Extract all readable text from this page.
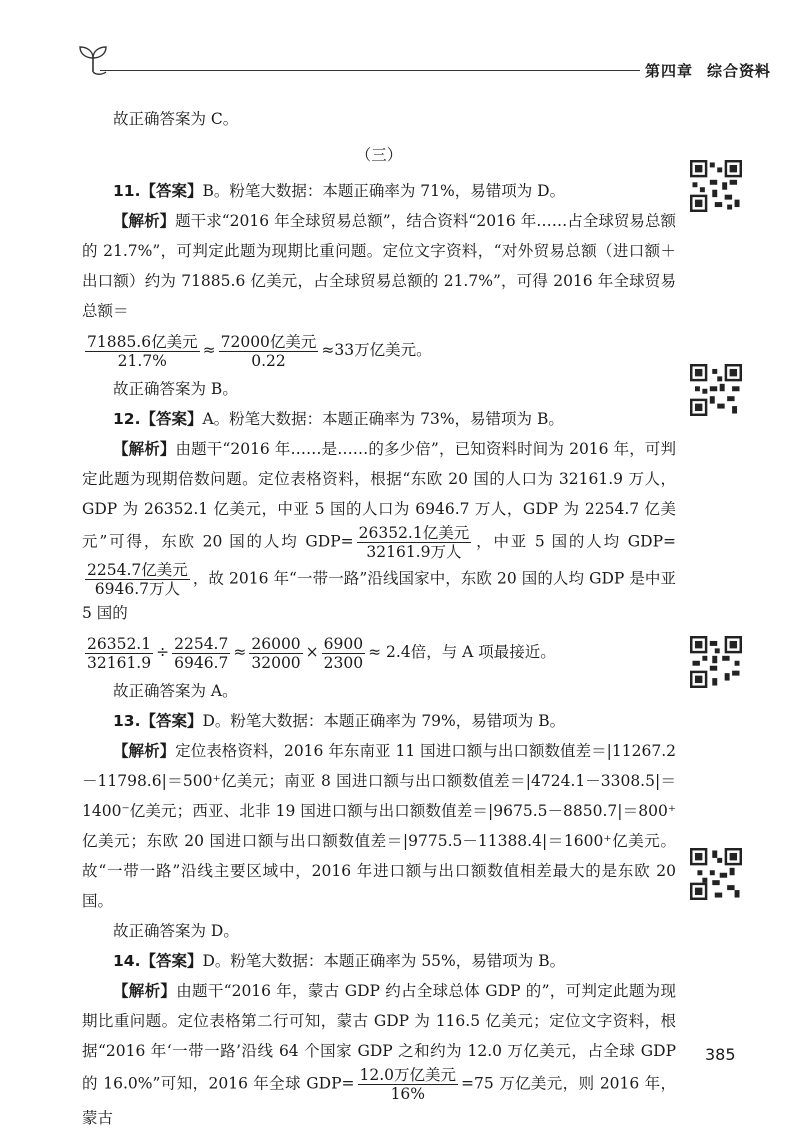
第四章 综合资料

故正确答案为 C。

（三）

11.【答案】B。粉笔大数据：本题正确率为 71%，易错项为 D。

【解析】题干求“2016 年全球贸易总额”，结合资料“2016 年……占全球贸易总额的 21.7%”，可判定此题为现期比重问题。定位文字资料，“对外贸易总额（进口额＋出口额）约为 71885.6 亿美元，占全球贸易总额的 21.7%”，可得 2016 年全球贸易总额＝

$\frac{\text{71885.6亿美元}}{21.7\%} \approx \frac{\text{72000亿美元}}{0.22} \approx 33$万亿美元。

故正确答案为 B。

12.【答案】A。粉笔大数据：本题正确率为 73%，易错项为 B。

【解析】由题干“2016 年……是……的多少倍”，已知资料时间为 2016 年，可判定此题为现期倍数问题。定位表格资料，根据“东欧 20 国的人口为 32161.9 万人，GDP 为 26352.1 亿美元，中亚 5 国的人口为 6946.7 万人，GDP 为 2254.7 亿美元”可得，东欧 20 国的人均 $GDP= \frac{\text{26352.1亿美元}}{\text{32161.9万人}}$ ，中亚 5 国的人均 GDP=
$\frac{\text{2254.7亿美元}}{\text{6946.7万人}}$ ，故 2016 年“一带一路”沿线国家中，东欧 20 国的人均 GDP 是中亚 5 国的

$\frac{26352.1}{32161.9} \div \frac{2254.7}{6946.7} \approx \frac{26000}{32000} \times \frac{6900}{2300} \approx 2.4$倍，与 A 项最接近。

故正确答案为 A。

13.【答案】D。粉笔大数据：本题正确率为 79%，易错项为 B。

【解析】定位表格资料，2016 年东南亚 11 国进口额与出口额数值差＝|11267.2－11798.6|＝500⁺亿美元；南亚 8 国进口额与出口额数值差＝|4724.1－3308.5|＝1400⁻亿美元；西亚、北非 19 国进口额与出口额数值差＝|9675.5－8850.7|＝800⁺亿美元；东欧 20 国进口额与出口额数值差＝|9775.5－11388.4|＝1600⁺亿美元。故“一带一路”沿线主要区域中，2016 年进口额与出口额数值相差最大的是东欧 20 国。

故正确答案为 D。

14.【答案】D。粉笔大数据：本题正确率为 55%，易错项为 B。

【解析】由题干“2016 年，蒙古 GDP 约占全球总体 GDP 的”，可判定此题为现期比重问题。定位表格第二行可知，蒙古 GDP 为 116.5 亿美元；定位文字资料，根据“2016 年‘一带一路’沿线 64 个国家 GDP 之和约为 12.0 万亿美元，占全球 GDP 的 16.0%”可知，2016 年全球 $GDP= \frac{\text{12.0万亿美元}}{16\%} =75$ 万亿美元，则 2016 年，蒙古

385
